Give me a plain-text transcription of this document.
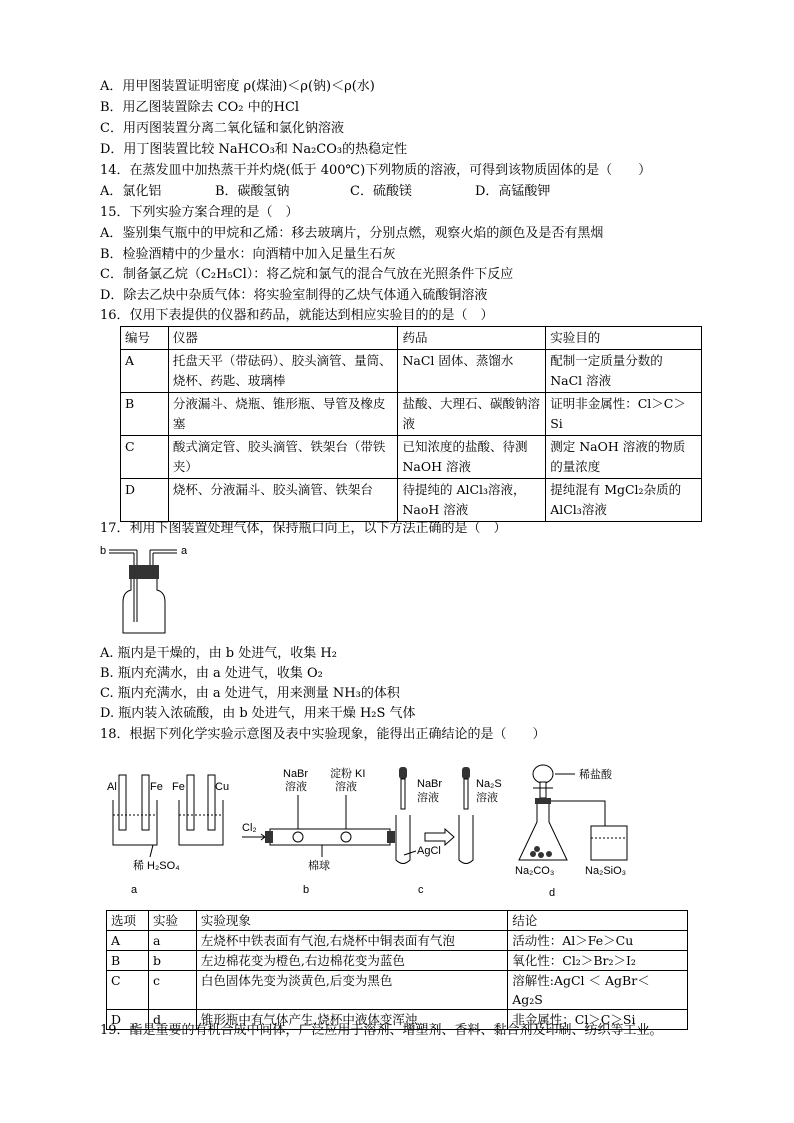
A．用甲图装置证明密度 ρ(煤油)＜ρ(钠)＜ρ(水)
B．用乙图装置除去 CO₂ 中的HCl
C．用丙图装置分离二氧化锰和氯化钠溶液
D．用丁图装置比较 NaHCO₃和 Na₂CO₃的热稳定性
14．在蒸发皿中加热蒸干并灼烧(低于 400℃)下列物质的溶液，可得到该物质固体的是（　　）
A．氯化铝	B．碳酸氢钠	C．硫酸镁	D．高锰酸钾
15．下列实验方案合理的是（　）
A．鉴别集气瓶中的甲烷和乙烯：移去玻璃片，分别点燃，观察火焰的颜色及是否有黑烟
B．检验酒精中的少量水：向酒精中加入足量生石灰
C．制备氯乙烷（C₂H₅Cl）：将乙烷和氯气的混合气放在光照条件下反应
D．除去乙炔中杂质气体：将实验室制得的乙炔气体通入硫酸铜溶液
16．仅用下表提供的仪器和药品，就能达到相应实验目的的是（　）
编号	仪器	药品	实验目的
A	托盘天平（带砝码）、胶头滴管、量筒、烧杯、药匙、玻璃棒	NaCl 固体、蒸馏水	配制一定质量分数的 NaCl 溶液
B	分液漏斗、烧瓶、锥形瓶、导管及橡皮塞	盐酸、大理石、碳酸钠溶液	证明非金属性：Cl＞C＞Si
C	酸式滴定管、胶头滴管、铁架台（带铁夹）	已知浓度的盐酸、待测 NaOH 溶液	测定 NaOH 溶液的物质的量浓度
D	烧杯、分液漏斗、胶头滴管、铁架台	待提纯的 AlCl₃溶液，NaoH 溶液	提纯混有 MgCl₂杂质的 AlCl₃溶液
17．利用下图装置处理气体，保持瓶口向上，以下方法正确的是（　）
b	a
A. 瓶内是干燥的，由 b 处进气，收集 H₂
B. 瓶内充满水，由 a 处进气，收集 O₂
C. 瓶内充满水，由 a 处进气，用来测量 NH₃的体积
D. 瓶内装入浓硫酸，由 b 处进气，用来干燥 H₂S 气体
18．根据下列化学实验示意图及表中实验现象，能得出正确结论的是（　　）
Al	Fe Fe	Cu
稀 H₂SO₄
a
NaBr
溶液
淀粉 KI
溶液
Cl₂
棉球
b
NaBr
溶液
Na₂S
溶液
AgCl
c
稀盐酸
Na₂CO₃	Na₂SiO₃
d
选项	实验	实验现象	结论
A	a	左烧杯中铁表面有气泡,右烧杯中铜表面有气泡	活动性：Al＞Fe＞Cu
B	b	左边棉花变为橙色,右边棉花变为蓝色	氧化性：Cl₂＞Br₂＞I₂
C	c	白色固体先变为淡黄色,后变为黑色	溶解性:AgCl ＜ AgBr＜ Ag₂S
D	d	锥形瓶中有气体产生,烧杯中液体变浑浊	非金属性：Cl＞C＞Si
19．酯是重要的有机合成中间体，广泛应用于溶剂、增塑剂、香料、黏合剂及印刷、纺织等工业。
